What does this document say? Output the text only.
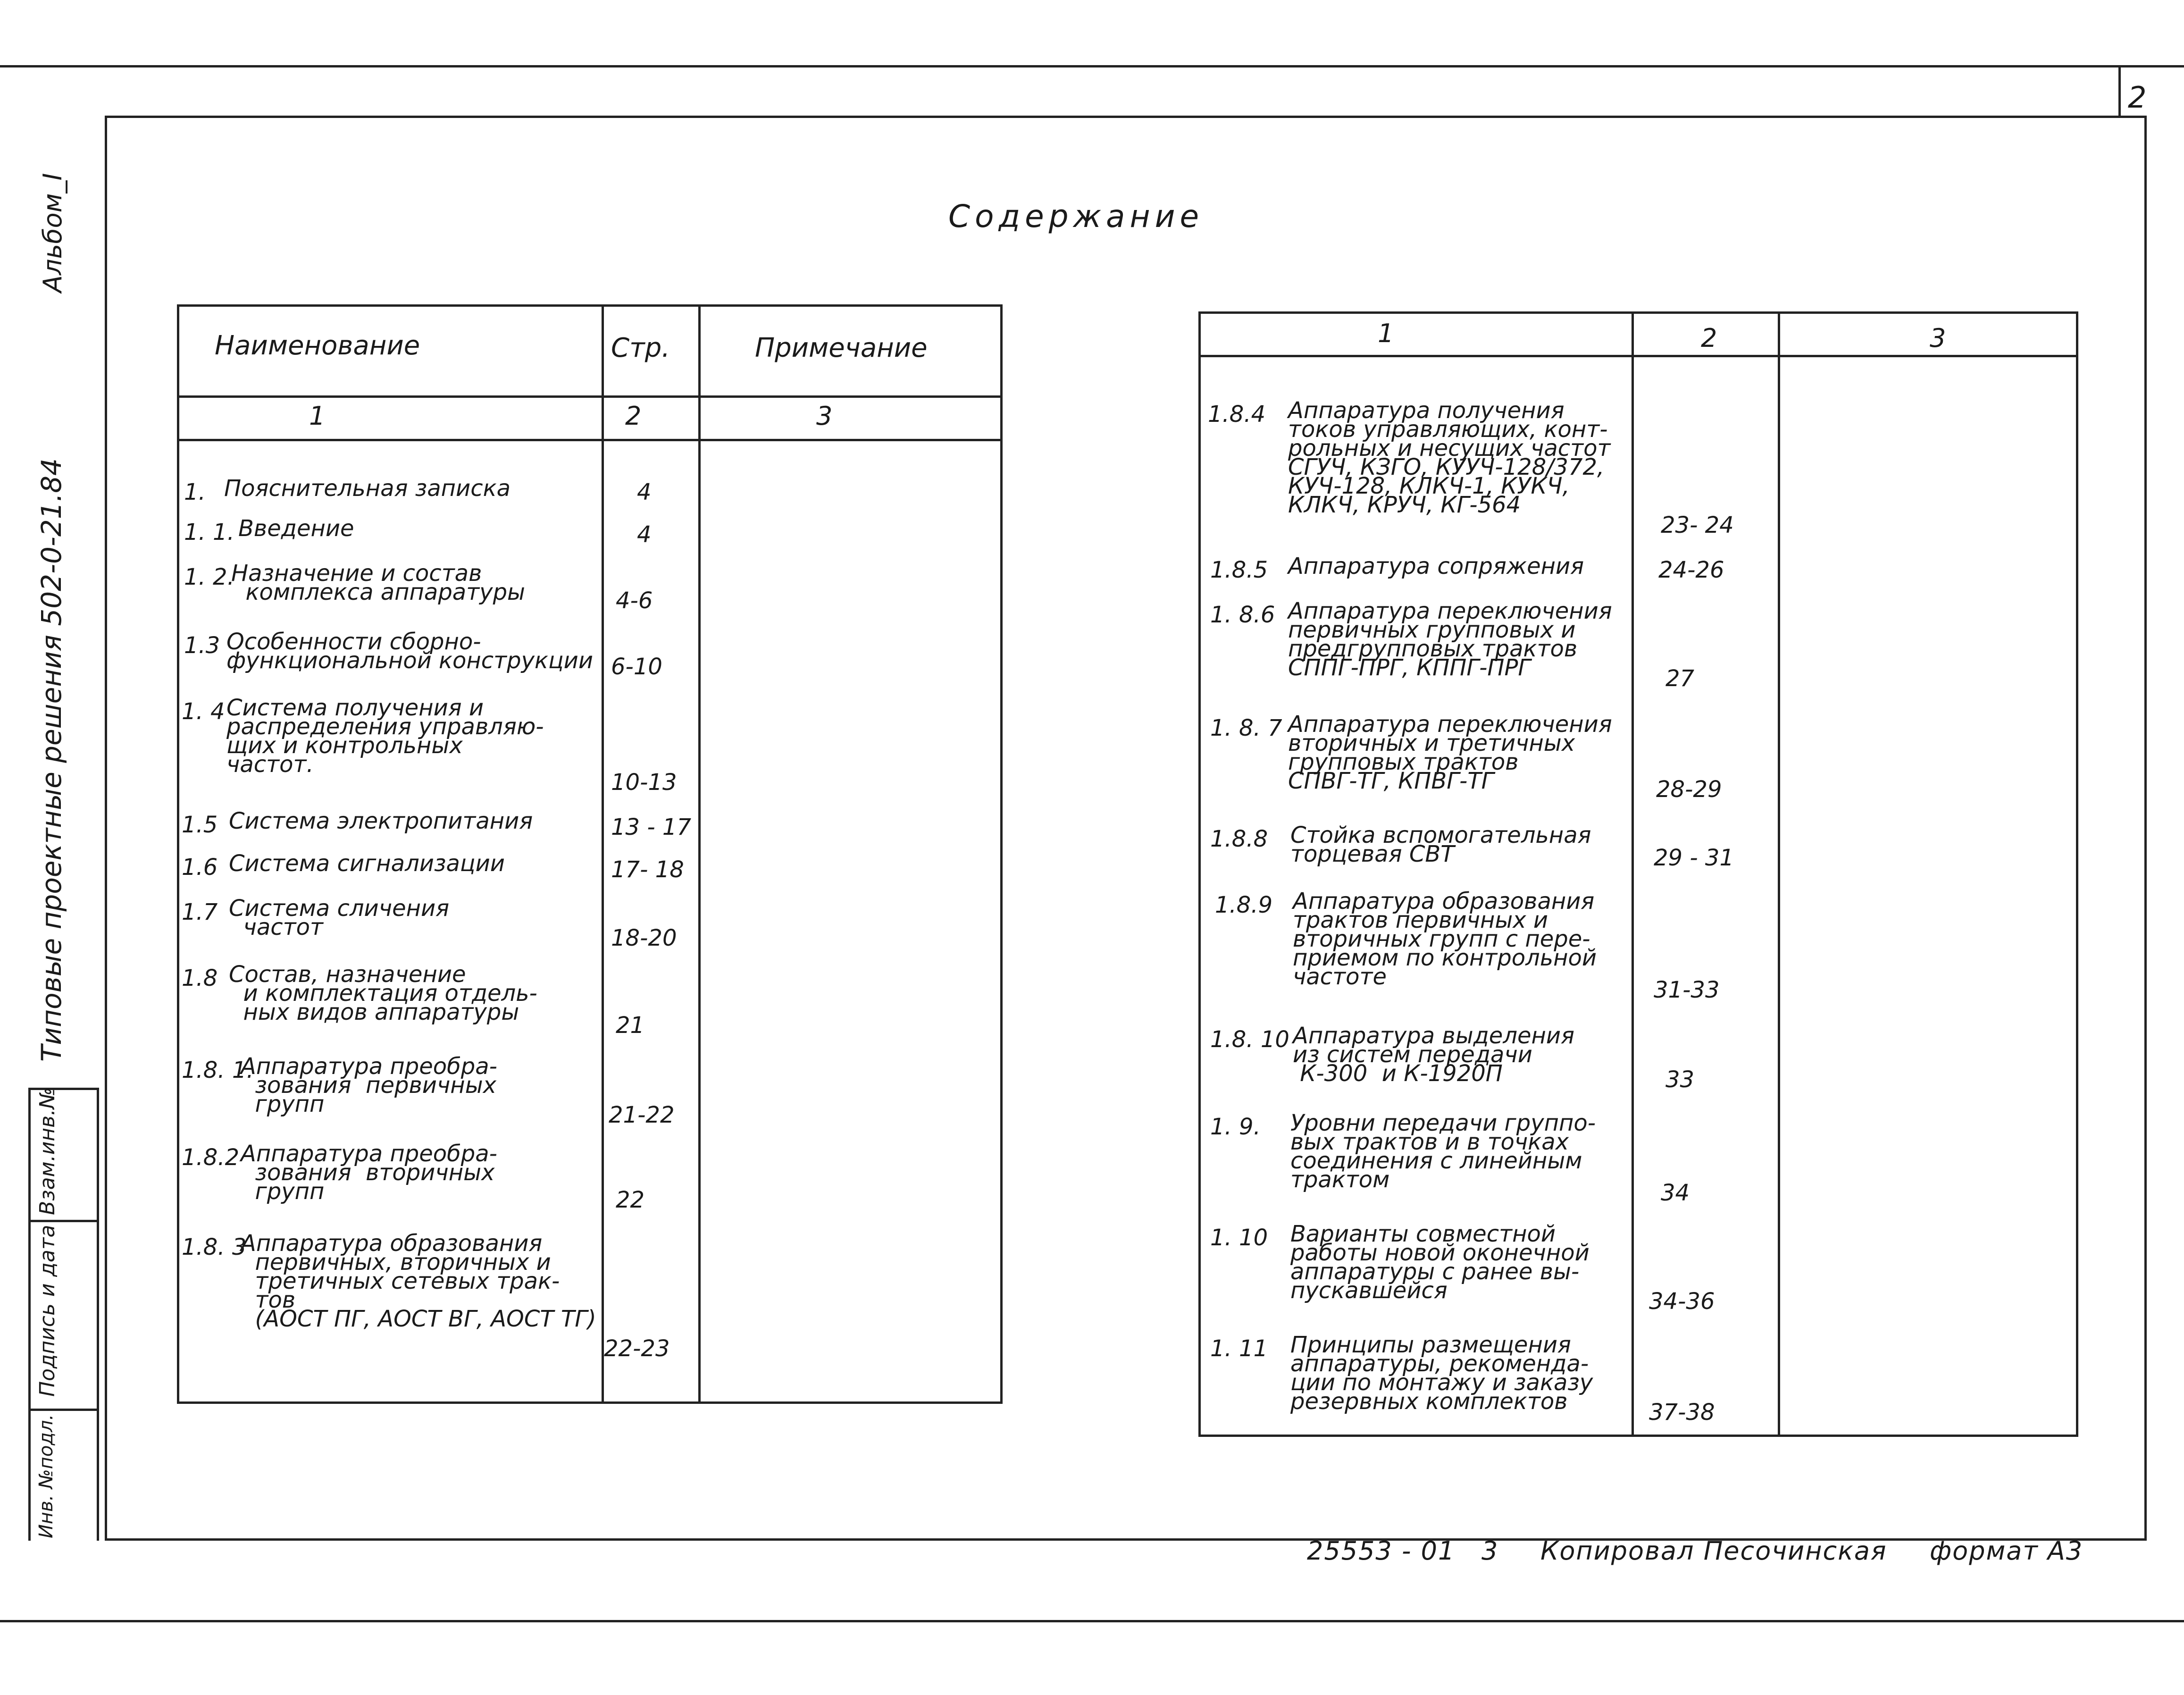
2
Альбом_I
Типовые проектные решения 502-0-21.84
Инв. №подл.
Подпись и дата
Взам.инв.№
Содержание
Наименование	Стр.	Примечание
1	2	3
1. Пояснительная записка	4
1. 1. Введение	4
1. 2.
Назначение и состав
комплекса аппаратуры	4-6
1.3 Особенности сборно-
функциональной конструкции 6-10
1. 4 Система получения и
распределения управляю-
щих и контрольных
частот.
10-13
1.5 Система электропитания	13 - 17
1.6 Система сигнализации	17- 18
1.7 Система сличения
частот	18-20
1.8 Состав, назначение
и комплектация отдель-
ных видов аппаратуры	21
1.8. 1.
Аппаратура преобра-
зования  первичных
групп	21-22
1.8.2 Аппаратура преобра-
зования  вторичных
групп	22
1.8. 3
Аппаратура образования
первичных, вторичных и
третичных сетевых трак-
тов
(АОСТ ПГ, АОСТ ВГ, АОСТ ТГ)
22-23
1	2	3
1.8.4 Аппаратура получения
токов управляющих, конт-
рольных и несущих частот
СГУЧ, КЗГО, КУУЧ-128/372,
КУЧ-128, КЛКЧ-1, КУКЧ,
КЛКЧ, КРУЧ, КГ-564
23- 24
1.8.5 Аппаратура сопряжения	24-26
1. 8.6 Аппаратура переключения
первичных групповых и
предгрупповых трактов
СППГ-ПРГ, КППГ-ПРГ	27
1. 8. 7 Аппаратура переключения
вторичных и третичных
групповых трактов
СПВГ-ТГ, КПВГ-ТГ	28-29
1.8.8 Стойка вспомогательная
торцевая СВТ	29 - 31
1.8.9 Аппаратура образования
трактов первичных и
вторичных групп с пере-
приемом по контрольной
частоте	31-33
1.8. 10 Аппаратура выделения
из систем передачи
К-300  и К-1920П	33
1. 9. Уровни передачи группо-
вых трактов и в точках
соединения с линейным
трактом	34
1. 10 Варианты совместной
работы новой оконечной
аппаратуры с ранее вы-
пускавшейся	34-36
1. 11 Принципы размещения
аппаратуры, рекоменда-
ции по монтажу и заказу
резервных комплектов	37-38
25553 - 01 3 Копировал Песочинская формат А3
